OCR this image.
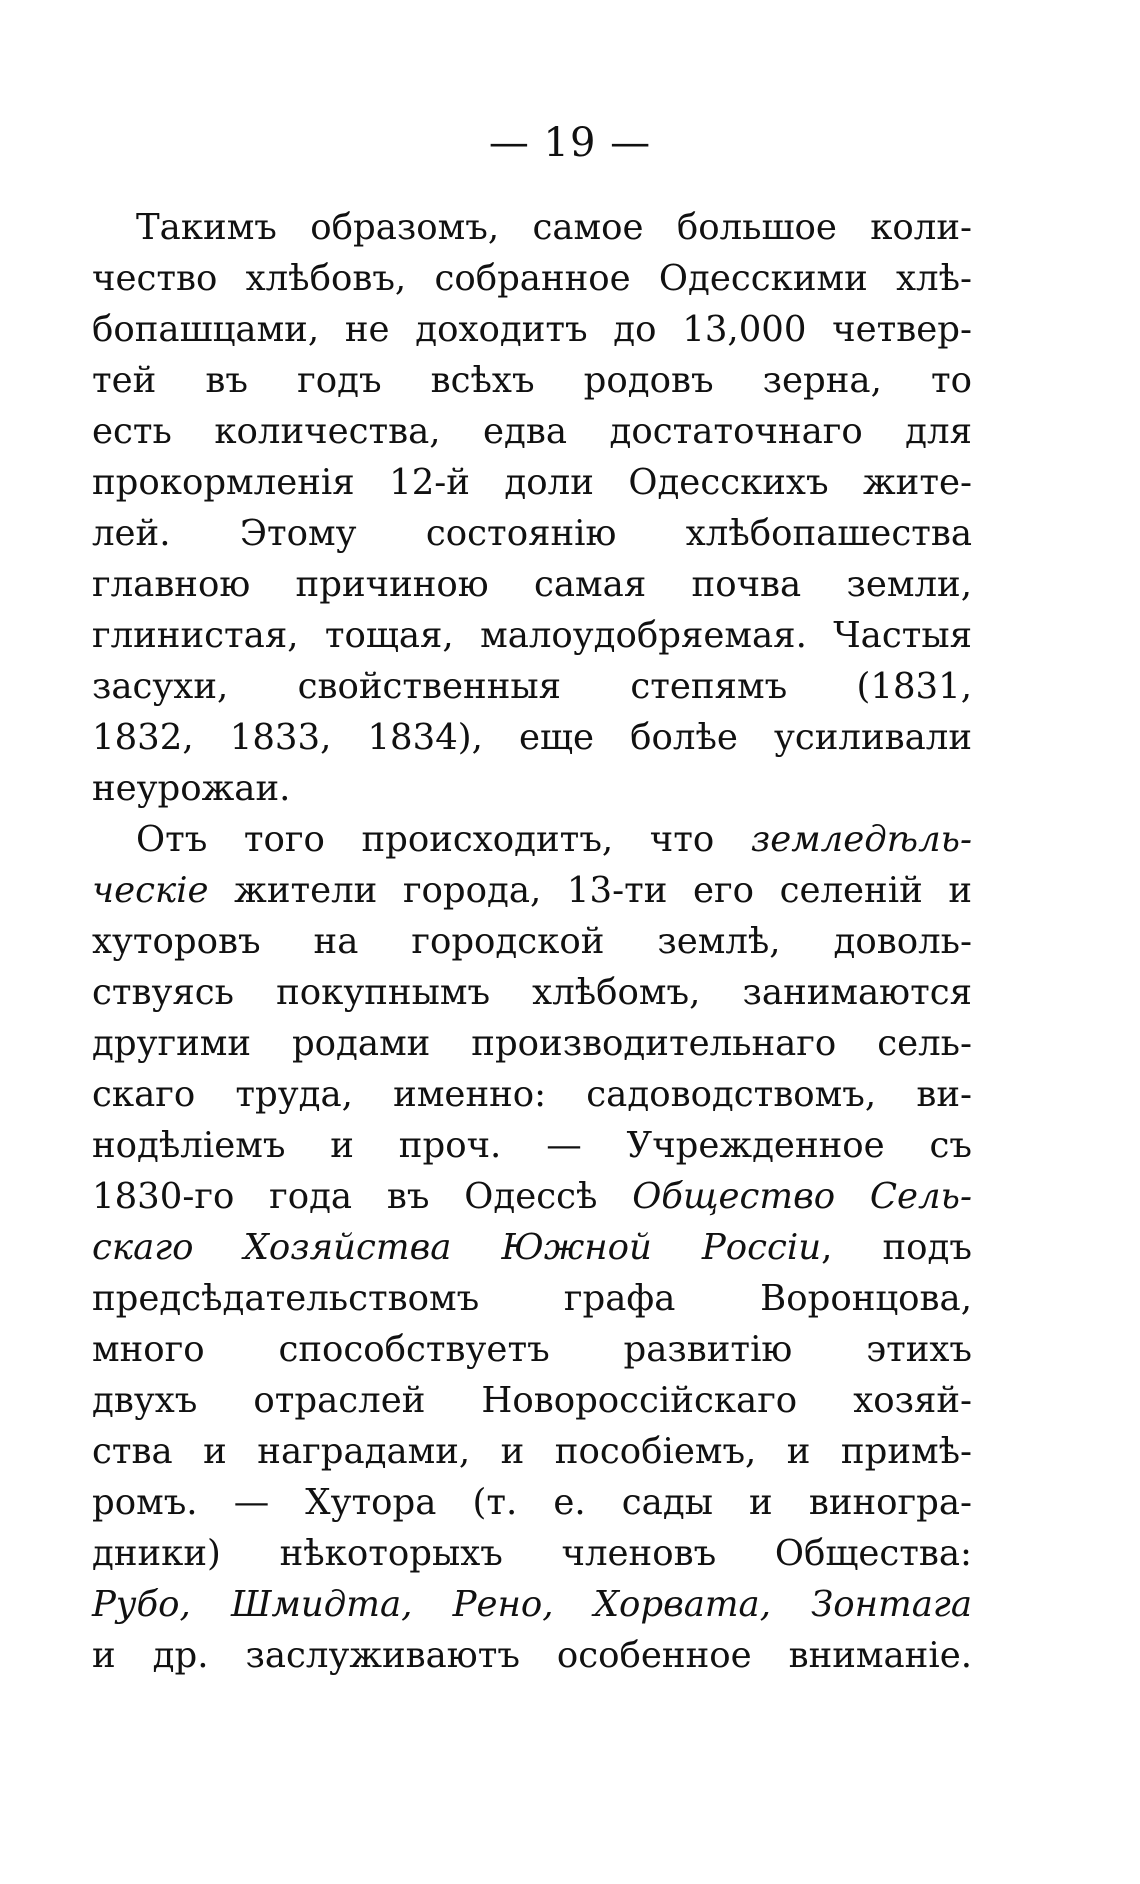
— 19 —
Такимъ образомъ, самое большое коли-
чество хлѣбовъ, собранное Одесскими хлѣ-
бопашцами, не доходитъ до 13,000 четвер-
тей въ годъ всѣхъ родовъ зерна, то
есть количества, едва достаточнаго для
прокормленія 12-й доли Одесскихъ жите-
лей. Этому состоянію хлѣбопашества
главною причиною самая почва земли,
глинистая, тощая, малоудобряемая. Частыя
засухи, свойственныя степямъ (1831,
1832, 1833, 1834), еще болѣе усиливали
неурожаи.
Отъ того происходитъ, что земледѣль-
ческіе жители города, 13-ти его селеній и
хуторовъ на городской землѣ, доволь-
ствуясь покупнымъ хлѣбомъ, занимаются
другими родами производительнаго сель-
скаго труда, именно: садоводствомъ, ви-
нодѣліемъ и проч. — Учрежденное съ
1830-го года въ Одессѣ Общество Сель-
скаго Хозяйства Южной Россіи, подъ
предсѣдательствомъ графа Воронцова,
много способствуетъ развитію этихъ
двухъ отраслей Новороссійскаго хозяй-
ства и наградами, и пособіемъ, и примѣ-
ромъ. — Хутора (т. е. сады и виногра-
дники) нѣкоторыхъ членовъ Общества:
Рубо, Шмидта, Рено, Хорвата, Зонтага
и др. заслуживаютъ особенное вниманіе.
